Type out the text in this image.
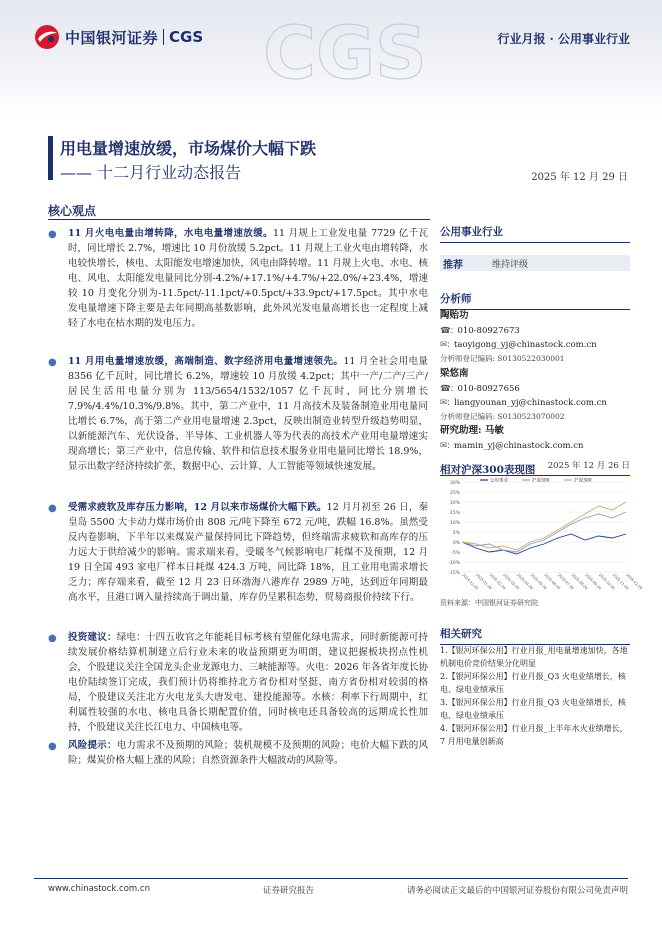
CGS
中国银河证券 CGS	行业月报 · 公用事业行业
用电量增速放缓，市场煤价大幅下跌
—— 十二月行业动态报告	2025 年 12 月 29 日
核心观点
● 11 月火电电量由增转降，水电电量增速放缓。11 月规上工业发电量 7729 亿千瓦时，同比增长 2.7%，增速比 10 月份放缓 5.2pct。11 月规上工业火电由增转降，水电较快增长，核电、太阳能发电增速加快，风电由降转增。11 月规上火电、水电、核电、风电、太阳能发电量同比分别-4.2%/+17.1%/+4.7%/+22.0%/+23.4%，增速较 10 月变化分别为-11.5pct/-11.1pct/+0.5pct/+33.9pct/+17.5pct。其中水电发电量增速下降主要是去年同期高基数影响，此外风光发电量高增长也一定程度上减轻了水电在枯水期的发电压力。
● 11 月用电量增速放缓，高端制造、数字经济用电量增速领先。11 月全社会用电量 8356 亿千瓦时，同比增长 6.2%，增速较 10 月放缓 4.2pct；其中一产/二产/三产/居民生活用电量分别为 113/5654/1532/1057 亿千瓦时，同比分别增长 7.9%/4.4%/10.3%/9.8%。其中，第二产业中，11 月高技术及装备制造业用电量同比增长 6.7%，高于第二产业用电量增速 2.3pct，反映出制造业转型升级趋势明显，以新能源汽车、光伏设备、半导体、工业机器人等为代表的高技术产业用电量增速实现高增长；第三产业中，信息传输、软件和信息技术服务业用电量同比增长 18.9%，显示出数字经济持续扩张，数据中心、云计算、人工智能等领域快速发展。
● 受需求疲软及库存压力影响，12 月以来市场煤价大幅下跌。12 月月初至 26 日，秦皇岛 5500 大卡动力煤市场价由 808 元/吨下降至 672 元/吨，跌幅 16.8%。虽然受反内卷影响，下半年以来煤炭产量保持同比下降趋势，但终端需求疲软和高库存的压力远大于供给减少的影响。需求端来看，受暖冬气候影响电厂耗煤不及预期，12 月 19 日全国 493 家电厂样本日耗煤 424.3 万吨，同比降 18%，且工业用电需求增长乏力；库存端来看，截至 12 月 23 日环渤海八港库存 2989 万吨，达到近年同期最高水平，且港口调入量持续高于调出量，库存仍呈累积态势，贸易商报价持续下行。
● 投资建议：绿电：十四五收官之年能耗目标考核有望催化绿电需求，同时新能源可持续发展价格结算机制建立后行业未来的收益预期更为明朗，建议把握板块拐点性机会，个股建议关注全国龙头企业龙源电力、三峡能源等。火电：2026 年各省年度长协电价陆续签订完成，我们预计仍将维持北方省份相对坚挺、南方省份相对较弱的格局，个股建议关注北方火电龙头大唐发电、建投能源等。水核：利率下行周期中，红利属性较强的水电、核电具备长期配置价值，同时核电还具备较高的远期成长性加持，个股建议关注长江电力、中国核电等。
● 风险提示：电力需求不及预期的风险；装机规模不及预期的风险；电价大幅下跌的风险；煤炭价格大幅上涨的风险；自然资源条件大幅波动的风险等。
公用事业行业
推荐	维持评级
分析师
陶贻功
☎: 010-80927673
✉: taoyigong_yj@chinastock.com.cn
分析师登记编码: S0130522030001
梁悠南
☎: 010-80927656
✉: liangyounan_yj@chinastock.com.cn
分析师登记编码: S0130523070002
研究助理: 马敏
✉: mamin_yj@chinastock.com.cn
相对沪深300表现图 2025 年 12 月 26 日
30%
25%
20%
15%
10%
5%
0%
-5%
-10%
-15% 2024-12-26
2025-01-26
2025-02-26
2025-03-26
2025-04-26
2025-05-26
2025-06-26
2025-07-26
2025-08-26
2025-09-26
2025-10-26
2025-11-26
2025-12-26
公用事业	沪深300	沪深300
资料来源：中国银河证券研究院
相关研究
1.【银河环保公用】行业月报_用电量增速加快，各地机制电价竞价结果分化明显
2.【银河环保公用】行业月报_Q3 火电业绩增长，核电、绿电业绩承压
3.【银河环保公用】行业月报_Q3 火电业绩增长，核电、绿电业绩承压
4.【银河环保公用】行业月报_上半年水火业绩增长，7 月用电量创新高
www.chinastock.com.cn	证券研究报告	请务必阅读正文最后的中国银河证券股份有限公司免责声明
